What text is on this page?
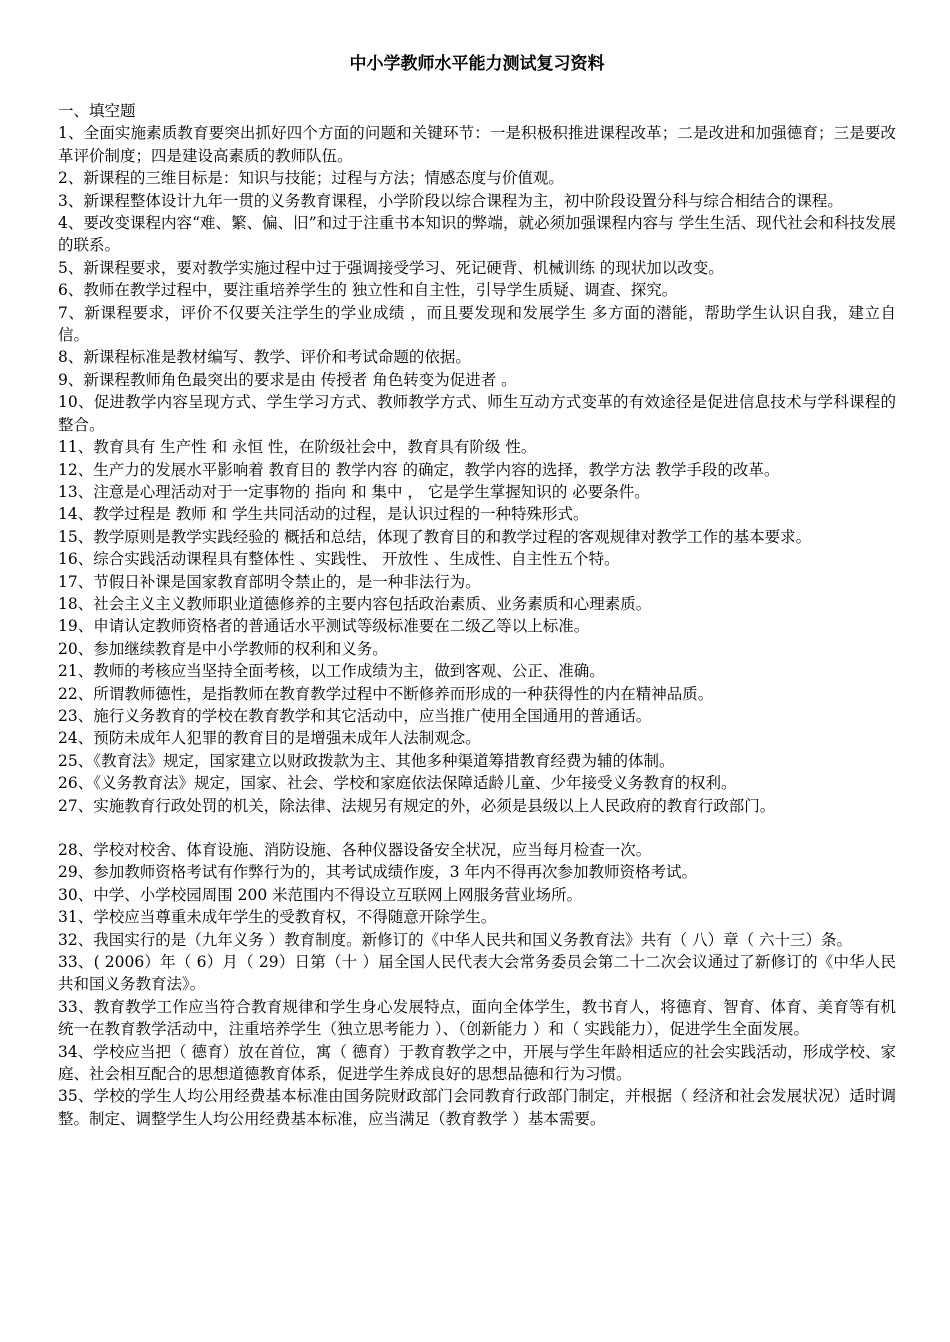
中小学教师水平能力测试复习资料
一、填空题
1、全面实施素质教育要突出抓好四个方面的问题和关键环节：一是积极积推进课程改革；二是改进和加强德育；三是要改革评价制度；四是建设高素质的教师队伍。
2、新课程的三维目标是：知识与技能；过程与方法；情感态度与价值观。
3、新课程整体设计九年一贯的义务教育课程，小学阶段以综合课程为主，初中阶段设置分科与综合相结合的课程。
4、要改变课程内容“难、繁、偏、旧”和过于注重书本知识的弊端，就必须加强课程内容与 学生生活、现代社会和科技发展 的联系。
5、新课程要求，要对教学实施过程中过于强调接受学习、死记硬背、机械训练 的现状加以改变。
6、教师在教学过程中，要注重培养学生的 独立性和自主性，引导学生质疑、调查、探究。
7、新课程要求，评价不仅要关注学生的学业成绩 ，而且要发现和发展学生 多方面的潜能，帮助学生认识自我，建立自信。
8、新课程标准是教材编写、教学、评价和考试命题的依据。
9、新课程教师角色最突出的要求是由 传授者 角色转变为促进者 。
10、促进教学内容呈现方式、学生学习方式、教师教学方式、师生互动方式变革的有效途径是促进信息技术与学科课程的整合。
11、教育具有 生产性 和 永恒 性，在阶级社会中，教育具有阶级 性。
12、生产力的发展水平影响着 教育目的 教学内容 的确定，教学内容的选择，教学方法 教学手段的改革。
13、注意是心理活动对于一定事物的 指向 和 集中 ， 它是学生掌握知识的 必要条件。
14、教学过程是 教师 和 学生共同活动的过程，是认识过程的一种特殊形式。
15、教学原则是教学实践经验的 概括和总结，体现了教育目的和教学过程的客观规律对教学工作的基本要求。
16、综合实践活动课程具有整体性 、实践性、 开放性 、生成性、自主性五个特。
17、节假日补课是国家教育部明令禁止的，是一种非法行为。
18、社会主义主义教师职业道德修养的主要内容包括政治素质、业务素质和心理素质。
19、申请认定教师资格者的普通话水平测试等级标准要在二级乙等以上标准。
20、参加继续教育是中小学教师的权利和义务。
21、教师的考核应当坚持全面考核，以工作成绩为主，做到客观、公正、准确。
22、所谓教师德性，是指教师在教育教学过程中不断修养而形成的一种获得性的内在精神品质。
23、施行义务教育的学校在教育教学和其它活动中，应当推广使用全国通用的普通话。
24、预防未成年人犯罪的教育目的是增强未成年人法制观念。
25、《教育法》规定，国家建立以财政拨款为主、其他多种渠道筹措教育经费为辅的体制。
26、《义务教育法》规定，国家、社会、学校和家庭依法保障适龄儿童、少年接受义务教育的权利。
27、实施教育行政处罚的机关，除法律、法规另有规定的外，必须是县级以上人民政府的教育行政部门。
28、学校对校舍、体育设施、消防设施、各种仪器设备安全状况，应当每月检查一次。
29、参加教师资格考试有作弊行为的，其考试成绩作废，3 年内不得再次参加教师资格考试。
30、中学、小学校园周围 200 米范围内不得设立互联网上网服务营业场所。
31、学校应当尊重未成年学生的受教育权，不得随意开除学生。
32、我国实行的是（九年义务 ）教育制度。新修订的《中华人民共和国义务教育法》共有（ 八）章（ 六十三）条。
33、( 2006）年（ 6）月（ 29）日第（十 ）届全国人民代表大会常务委员会第二十二次会议通过了新修订的《中华人民共和国义务教育法》。
33、教育教学工作应当符合教育规律和学生身心发展特点，面向全体学生，教书育人，将德育、智育、体育、美育等有机统一在教育教学活动中，注重培养学生（独立思考能力 ）、（创新能力 ）和（ 实践能力），促进学生全面发展。
34、学校应当把（ 德育）放在首位，寓（ 德育）于教育教学之中，开展与学生年龄相适应的社会实践活动，形成学校、家庭、社会相互配合的思想道德教育体系，促进学生养成良好的思想品德和行为习惯。
35、学校的学生人均公用经费基本标准由国务院财政部门会同教育行政部门制定，并根据（ 经济和社会发展状况）适时调整。制定、调整学生人均公用经费基本标准，应当满足（教育教学 ）基本需要。
